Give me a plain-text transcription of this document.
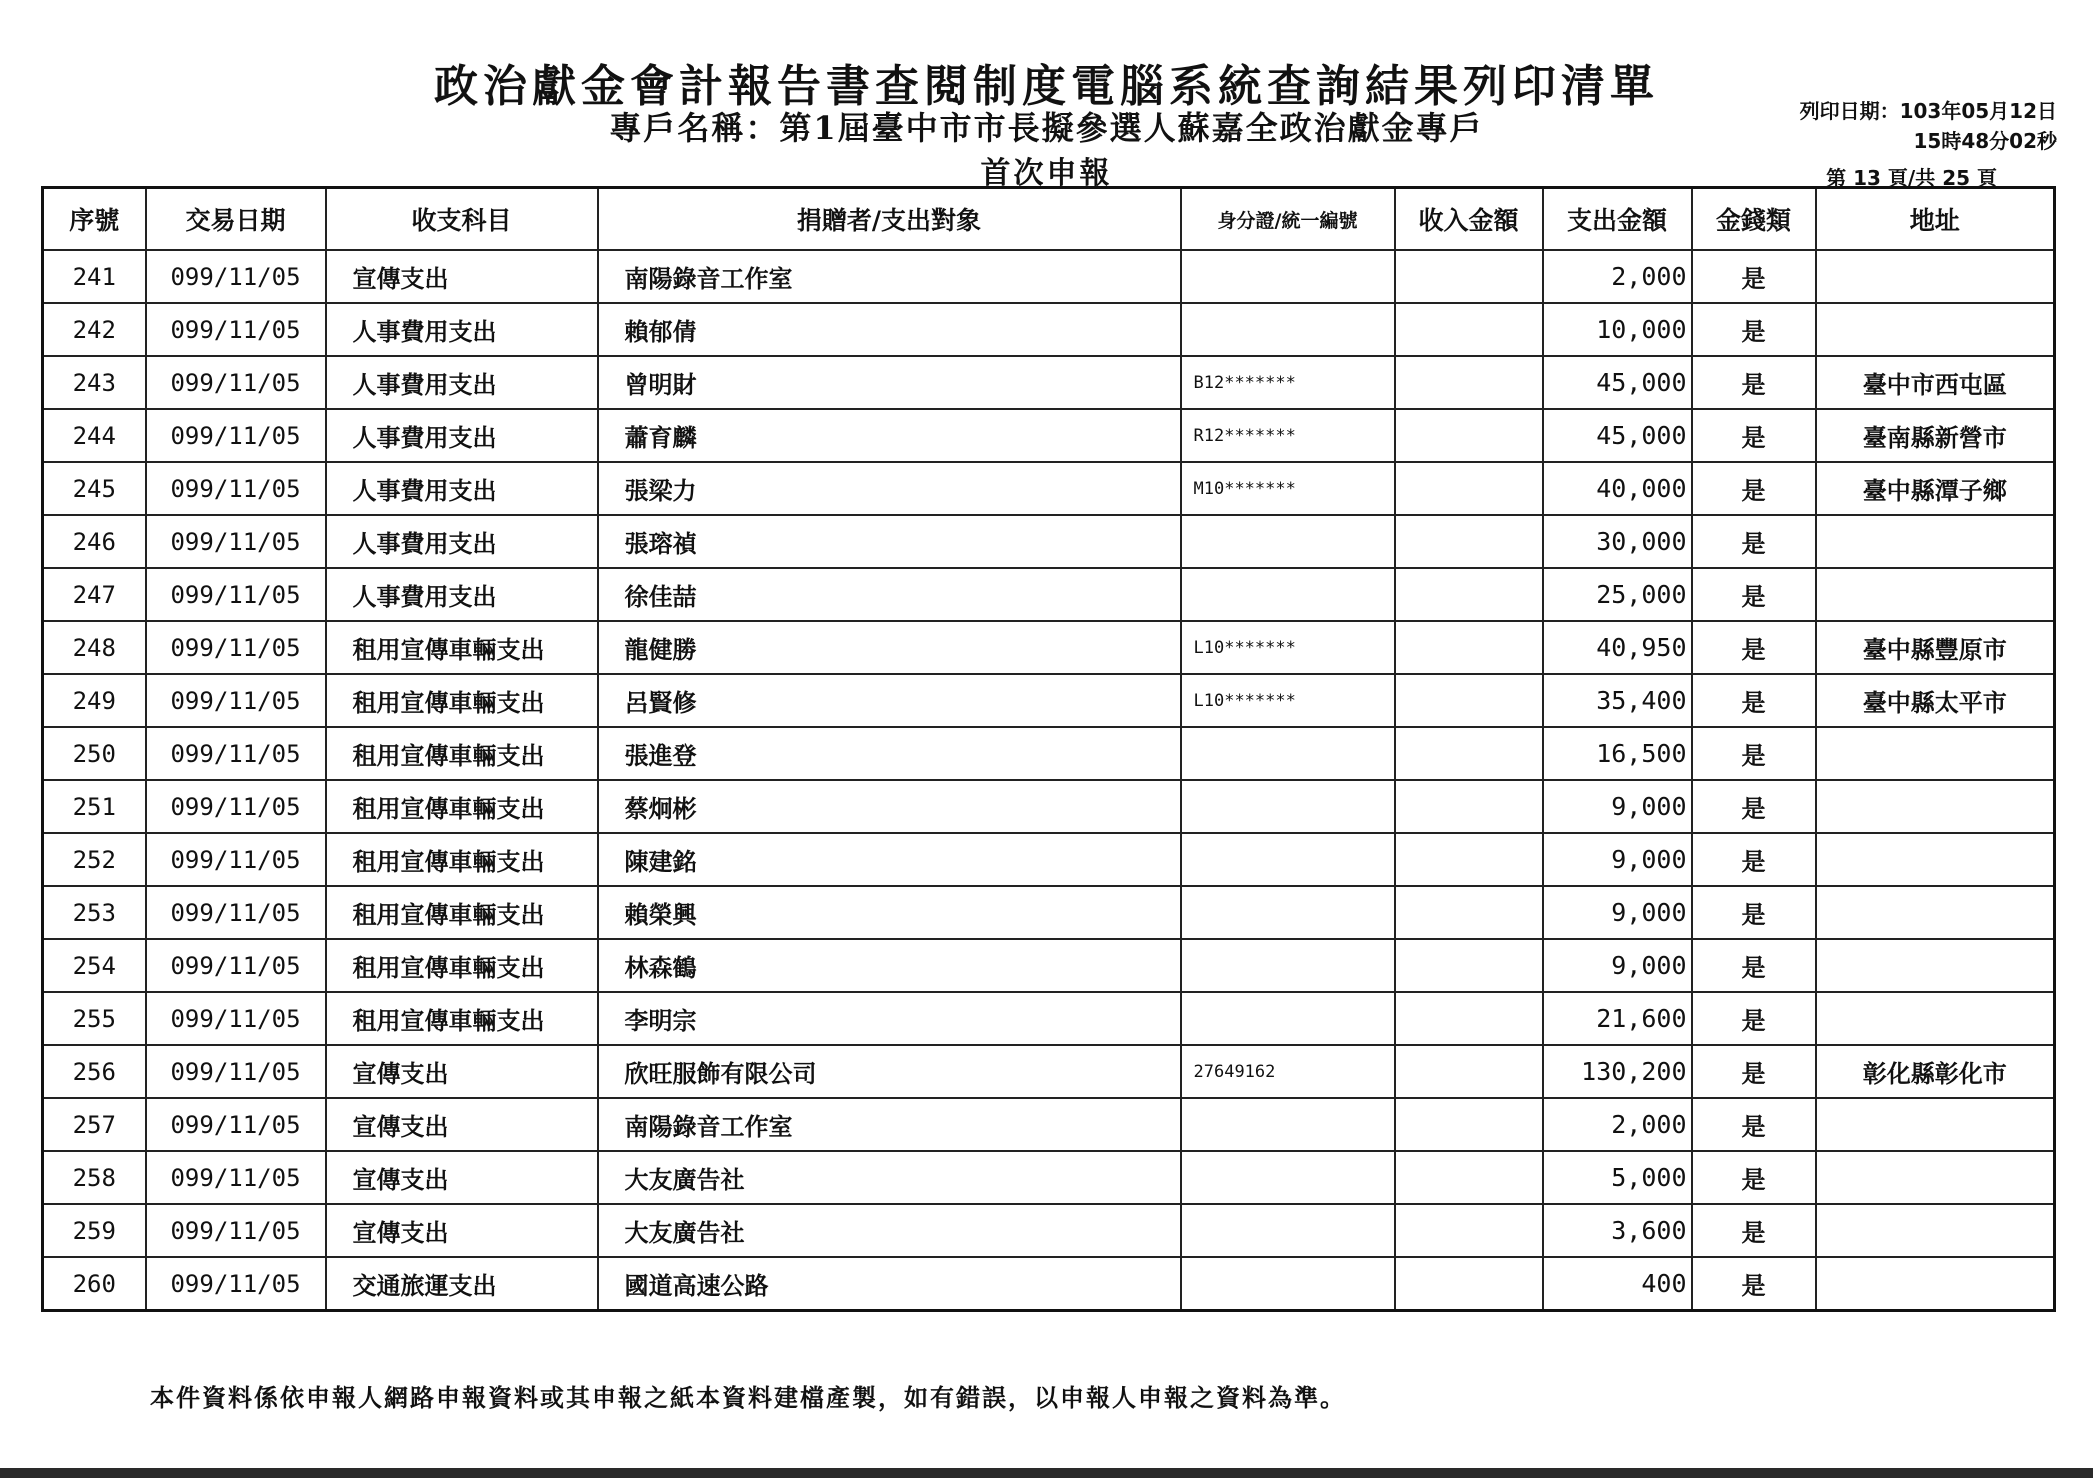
政治獻金會計報告書查閱制度電腦系統查詢結果列印清單
專戶名稱：第1屆臺中市市長擬參選人蘇嘉全政治獻金專戶
首次申報
列印日期：103年05月12日
15時48分02秒
第 13 頁/共 25 頁
序號	交易日期	收支科目	捐贈者/支出對象	身分證/統一編號	收入金額	支出金額	金錢類	地址
241	099/11/05	宣傳支出	南陽錄音工作室			2,000	是	
242	099/11/05	人事費用支出	賴郁倩			10,000	是	
243	099/11/05	人事費用支出	曾明財	B12*******		45,000	是	臺中市西屯區
244	099/11/05	人事費用支出	蕭育麟	R12*******		45,000	是	臺南縣新營市
245	099/11/05	人事費用支出	張梁力	M10*******		40,000	是	臺中縣潭子鄉
246	099/11/05	人事費用支出	張瑢禎			30,000	是	
247	099/11/05	人事費用支出	徐佳喆			25,000	是	
248	099/11/05	租用宣傳車輛支出	龍健勝	L10*******		40,950	是	臺中縣豐原市
249	099/11/05	租用宣傳車輛支出	呂賢修	L10*******		35,400	是	臺中縣太平市
250	099/11/05	租用宣傳車輛支出	張進登			16,500	是	
251	099/11/05	租用宣傳車輛支出	蔡炯彬			9,000	是	
252	099/11/05	租用宣傳車輛支出	陳建銘			9,000	是	
253	099/11/05	租用宣傳車輛支出	賴榮興			9,000	是	
254	099/11/05	租用宣傳車輛支出	林森鶴			9,000	是	
255	099/11/05	租用宣傳車輛支出	李明宗			21,600	是	
256	099/11/05	宣傳支出	欣旺服飾有限公司	27649162		130,200	是	彰化縣彰化市
257	099/11/05	宣傳支出	南陽錄音工作室			2,000	是	
258	099/11/05	宣傳支出	大友廣告社			5,000	是	
259	099/11/05	宣傳支出	大友廣告社			3,600	是	
260	099/11/05	交通旅運支出	國道高速公路			400	是	
本件資料係依申報人網路申報資料或其申報之紙本資料建檔產製，如有錯誤，以申報人申報之資料為準。
